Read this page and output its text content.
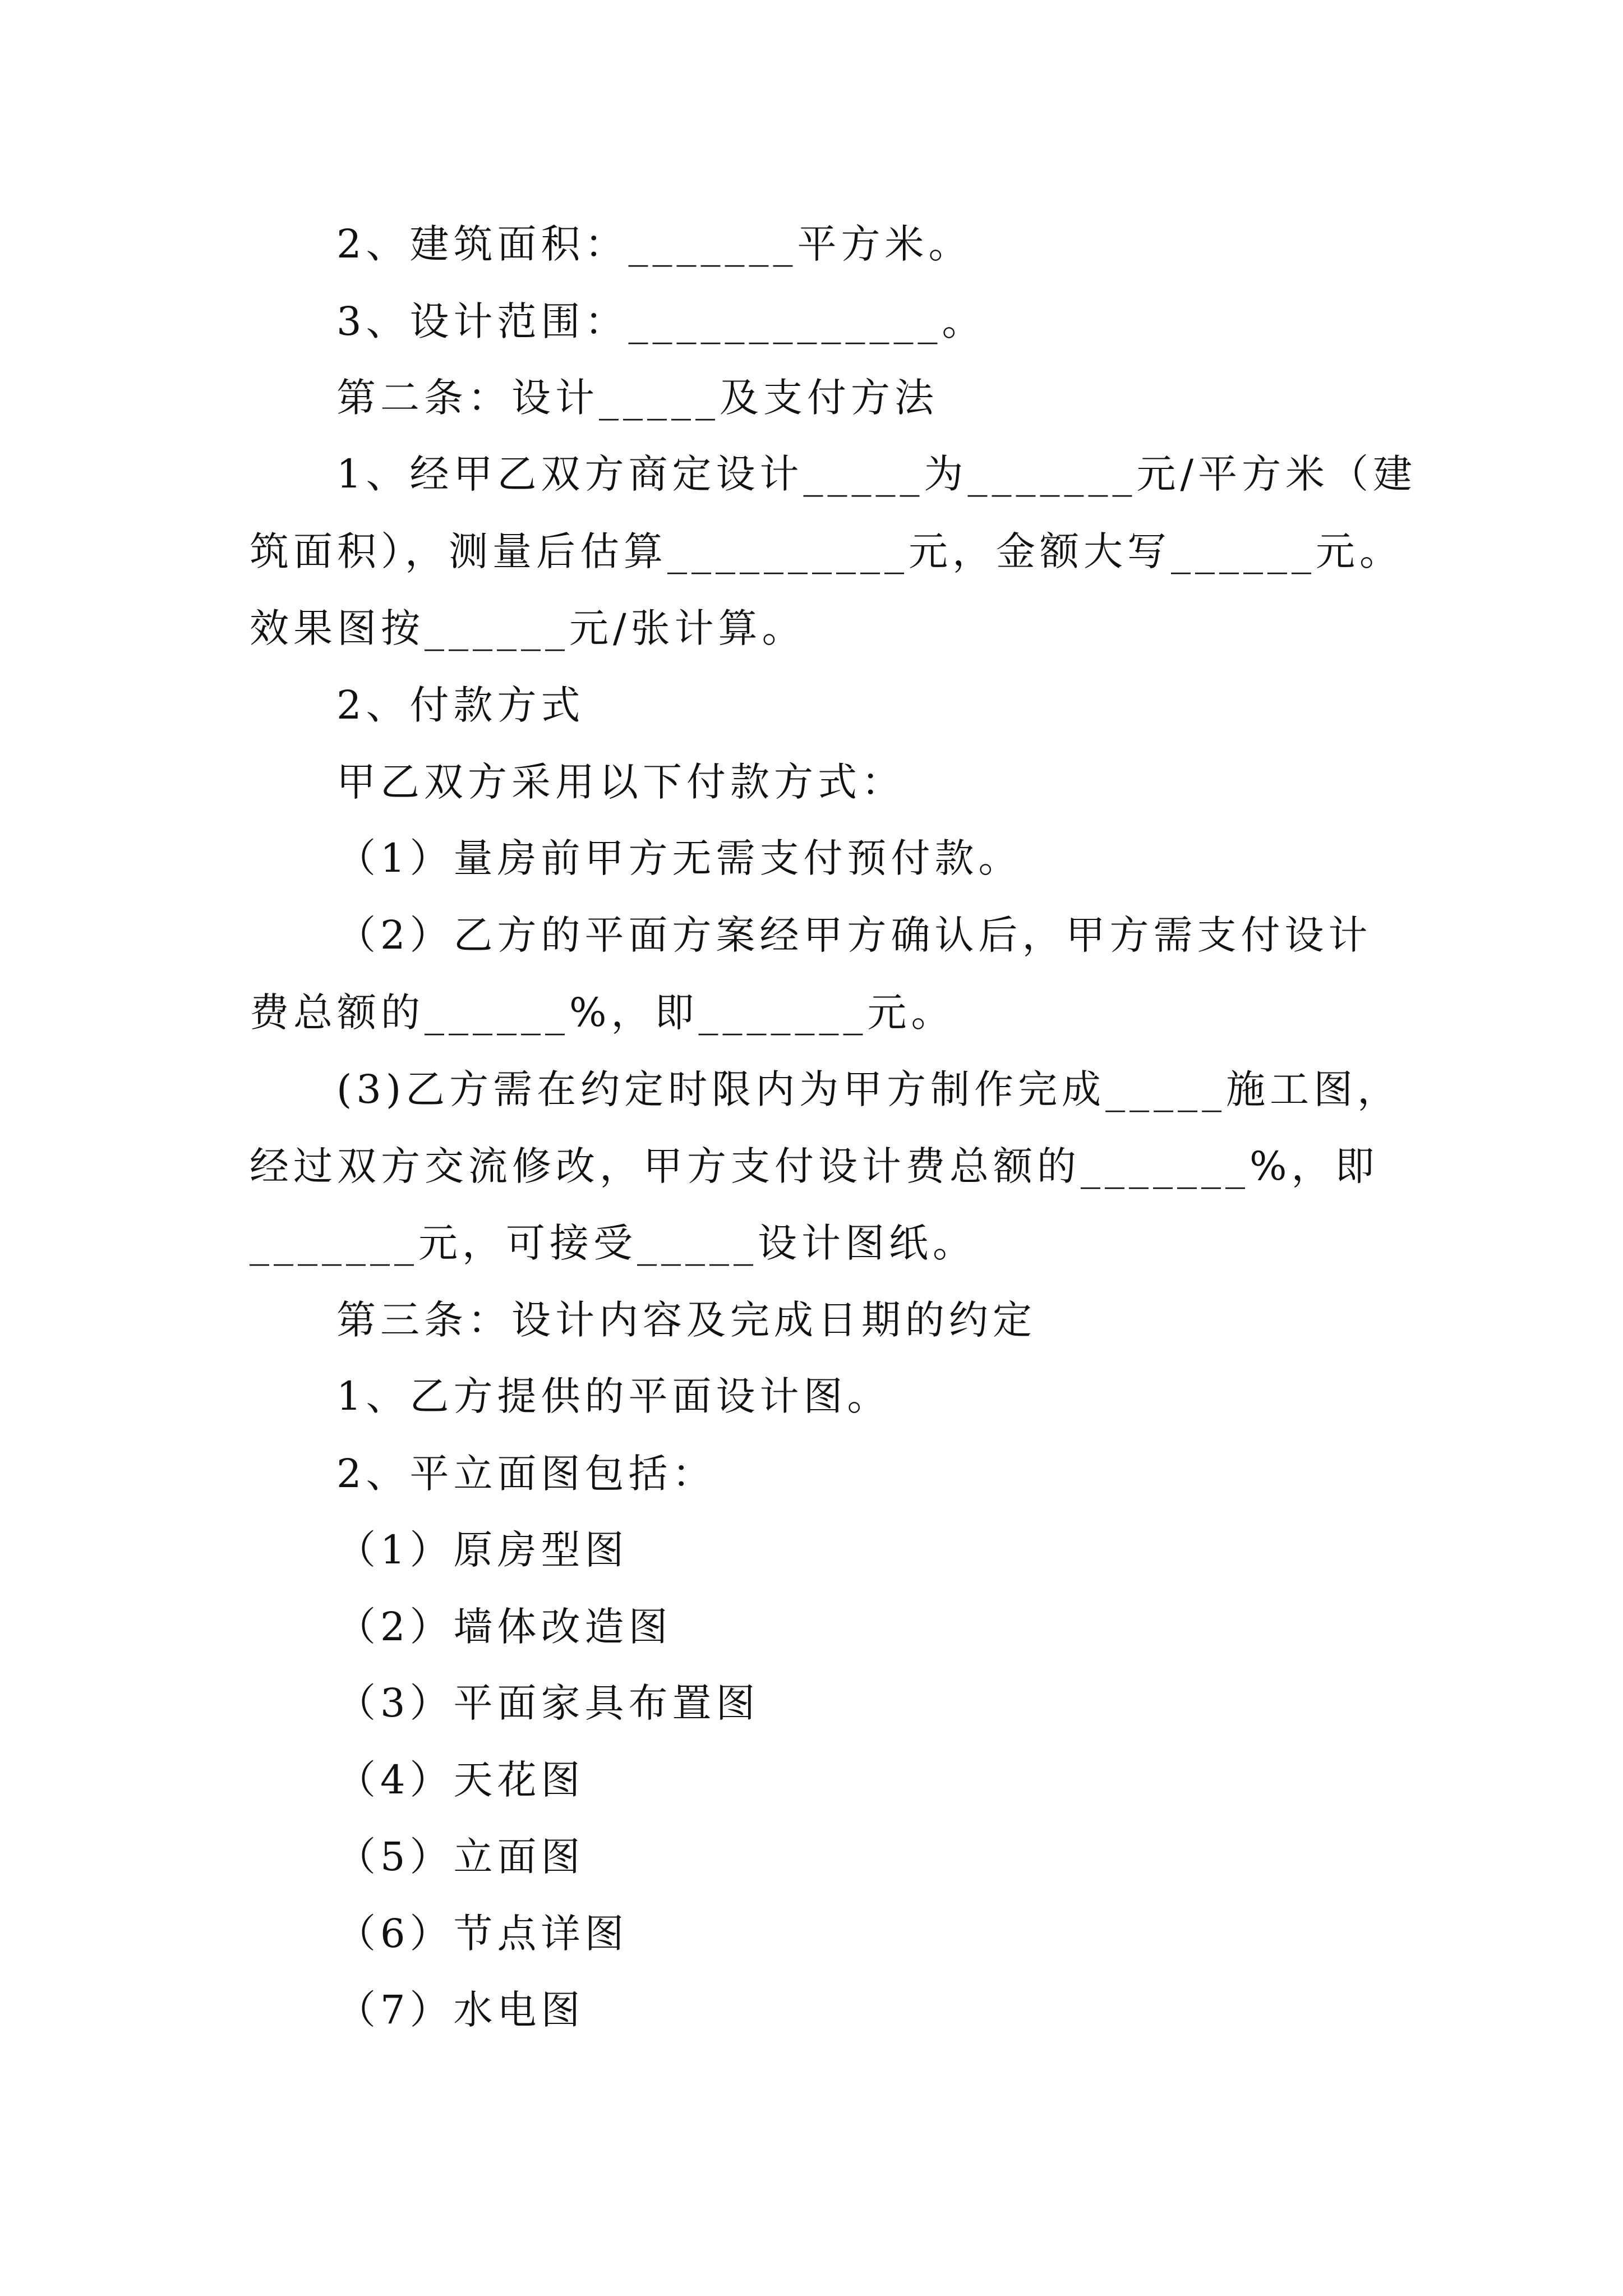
2、建筑面积：_______平方米。
3、设计范围：_____________。
第二条：设计_____及支付方法
1、经甲乙双方商定设计_____为_______元/平方米（建
筑面积），测量后估算__________元，金额大写______元。
效果图按______元/张计算。
2、付款方式
甲乙双方采用以下付款方式：
（1）量房前甲方无需支付预付款。
（2）乙方的平面方案经甲方确认后，甲方需支付设计
费总额的______%，即_______元。
(3)乙方需在约定时限内为甲方制作完成_____施工图，
经过双方交流修改，甲方支付设计费总额的_______%，即
_______元，可接受_____设计图纸。
第三条：设计内容及完成日期的约定
1、乙方提供的平面设计图。
2、平立面图包括：
（1）原房型图
（2）墙体改造图
（3）平面家具布置图
（4）天花图
（5）立面图
（6）节点详图
（7）水电图
